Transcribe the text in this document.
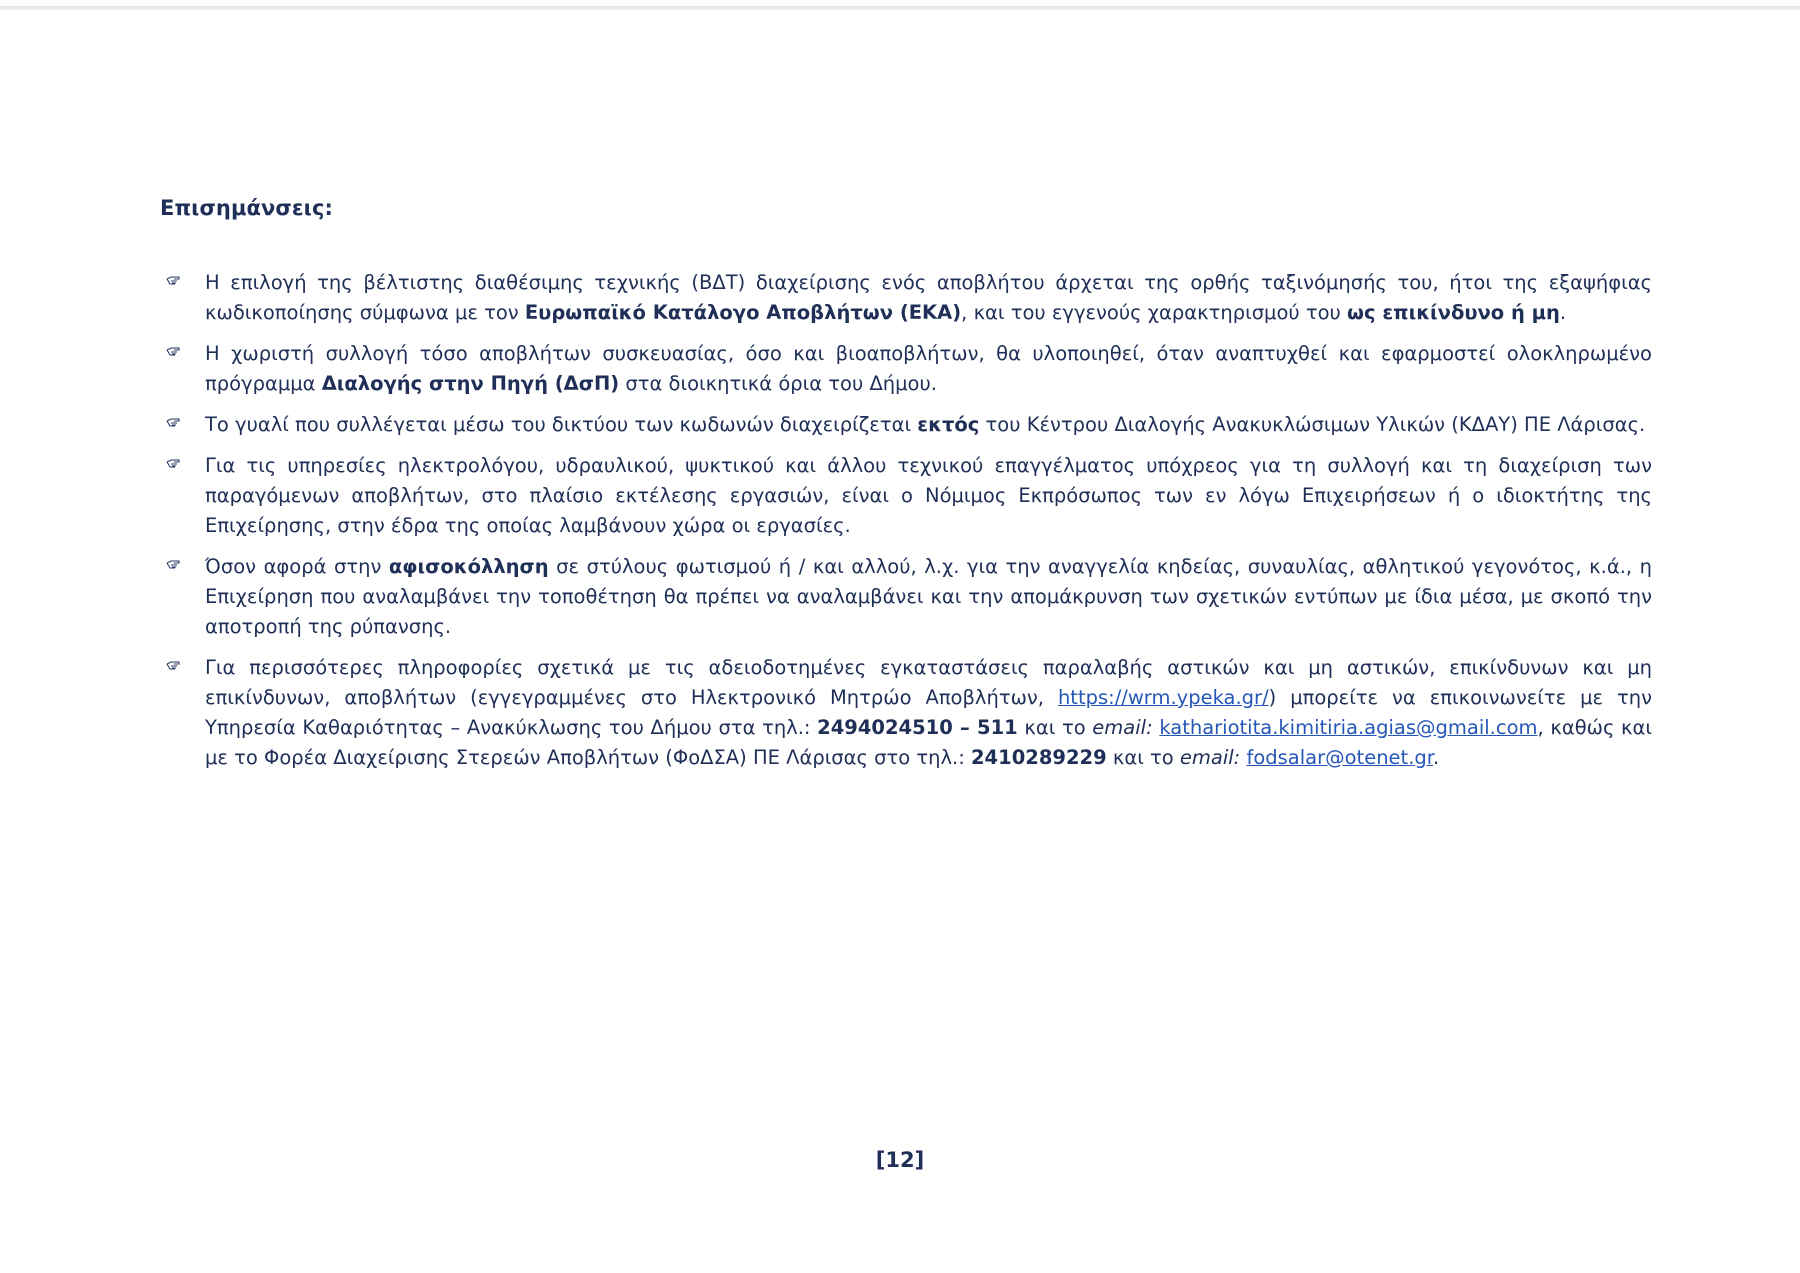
Επισημάνσεις:
Η επιλογή της βέλτιστης διαθέσιμης τεχνικής (ΒΔΤ) διαχείρισης ενός αποβλήτου άρχεται της ορθής ταξινόμησής του, ήτοι της εξαψήφιας κωδικοποίησης σύμφωνα με τον Ευρωπαϊκό Κατάλογο Αποβλήτων (ΕΚΑ), και του εγγενούς χαρακτηρισμού του ως επικίνδυνο ή μη.
Η χωριστή συλλογή τόσο αποβλήτων συσκευασίας, όσο και βιοαποβλήτων, θα υλοποιηθεί, όταν αναπτυχθεί και εφαρμοστεί ολοκληρωμένο πρόγραμμα Διαλογής στην Πηγή (ΔσΠ) στα διοικητικά όρια του Δήμου.
Το γυαλί που συλλέγεται μέσω του δικτύου των κωδωνών διαχειρίζεται εκτός του Κέντρου Διαλογής Ανακυκλώσιμων Υλικών (ΚΔΑΥ) ΠΕ Λάρισας.
Για τις υπηρεσίες ηλεκτρολόγου, υδραυλικού, ψυκτικού και άλλου τεχνικού επαγγέλματος υπόχρεος για τη συλλογή και τη διαχείριση των παραγόμενων αποβλήτων, στο πλαίσιο εκτέλεσης εργασιών, είναι ο Νόμιμος Εκπρόσωπος των εν λόγω Επιχειρήσεων ή ο ιδιοκτήτης της Επιχείρησης, στην έδρα της οποίας λαμβάνουν χώρα οι εργασίες.
Όσον αφορά στην αφισοκόλληση σε στύλους φωτισμού ή / και αλλού, λ.χ. για την αναγγελία κηδείας, συναυλίας, αθλητικού γεγονότος, κ.ά., η Επιχείρηση που αναλαμβάνει την τοποθέτηση θα πρέπει να αναλαμβάνει και την απομάκρυνση των σχετικών εντύπων με ίδια μέσα, με σκοπό την αποτροπή της ρύπανσης.
Για περισσότερες πληροφορίες σχετικά με τις αδειοδοτημένες εγκαταστάσεις παραλαβής αστικών και μη αστικών, επικίνδυνων και μη επικίνδυνων, αποβλήτων (εγγεγραμμένες στο Ηλεκτρονικό Μητρώο Αποβλήτων, https://wrm.ypeka.gr/) μπορείτε να επικοινωνείτε με την Υπηρεσία Καθαριότητας – Ανακύκλωσης του Δήμου στα τηλ.: 2494024510 – 511 και το email: kathariotita.kimitiria.agias@gmail.com, καθώς και με το Φορέα Διαχείρισης Στερεών Αποβλήτων (ΦοΔΣΑ) ΠΕ Λάρισας στο τηλ.: 2410289229 και το email: fodsalar@otenet.gr.
[12]
